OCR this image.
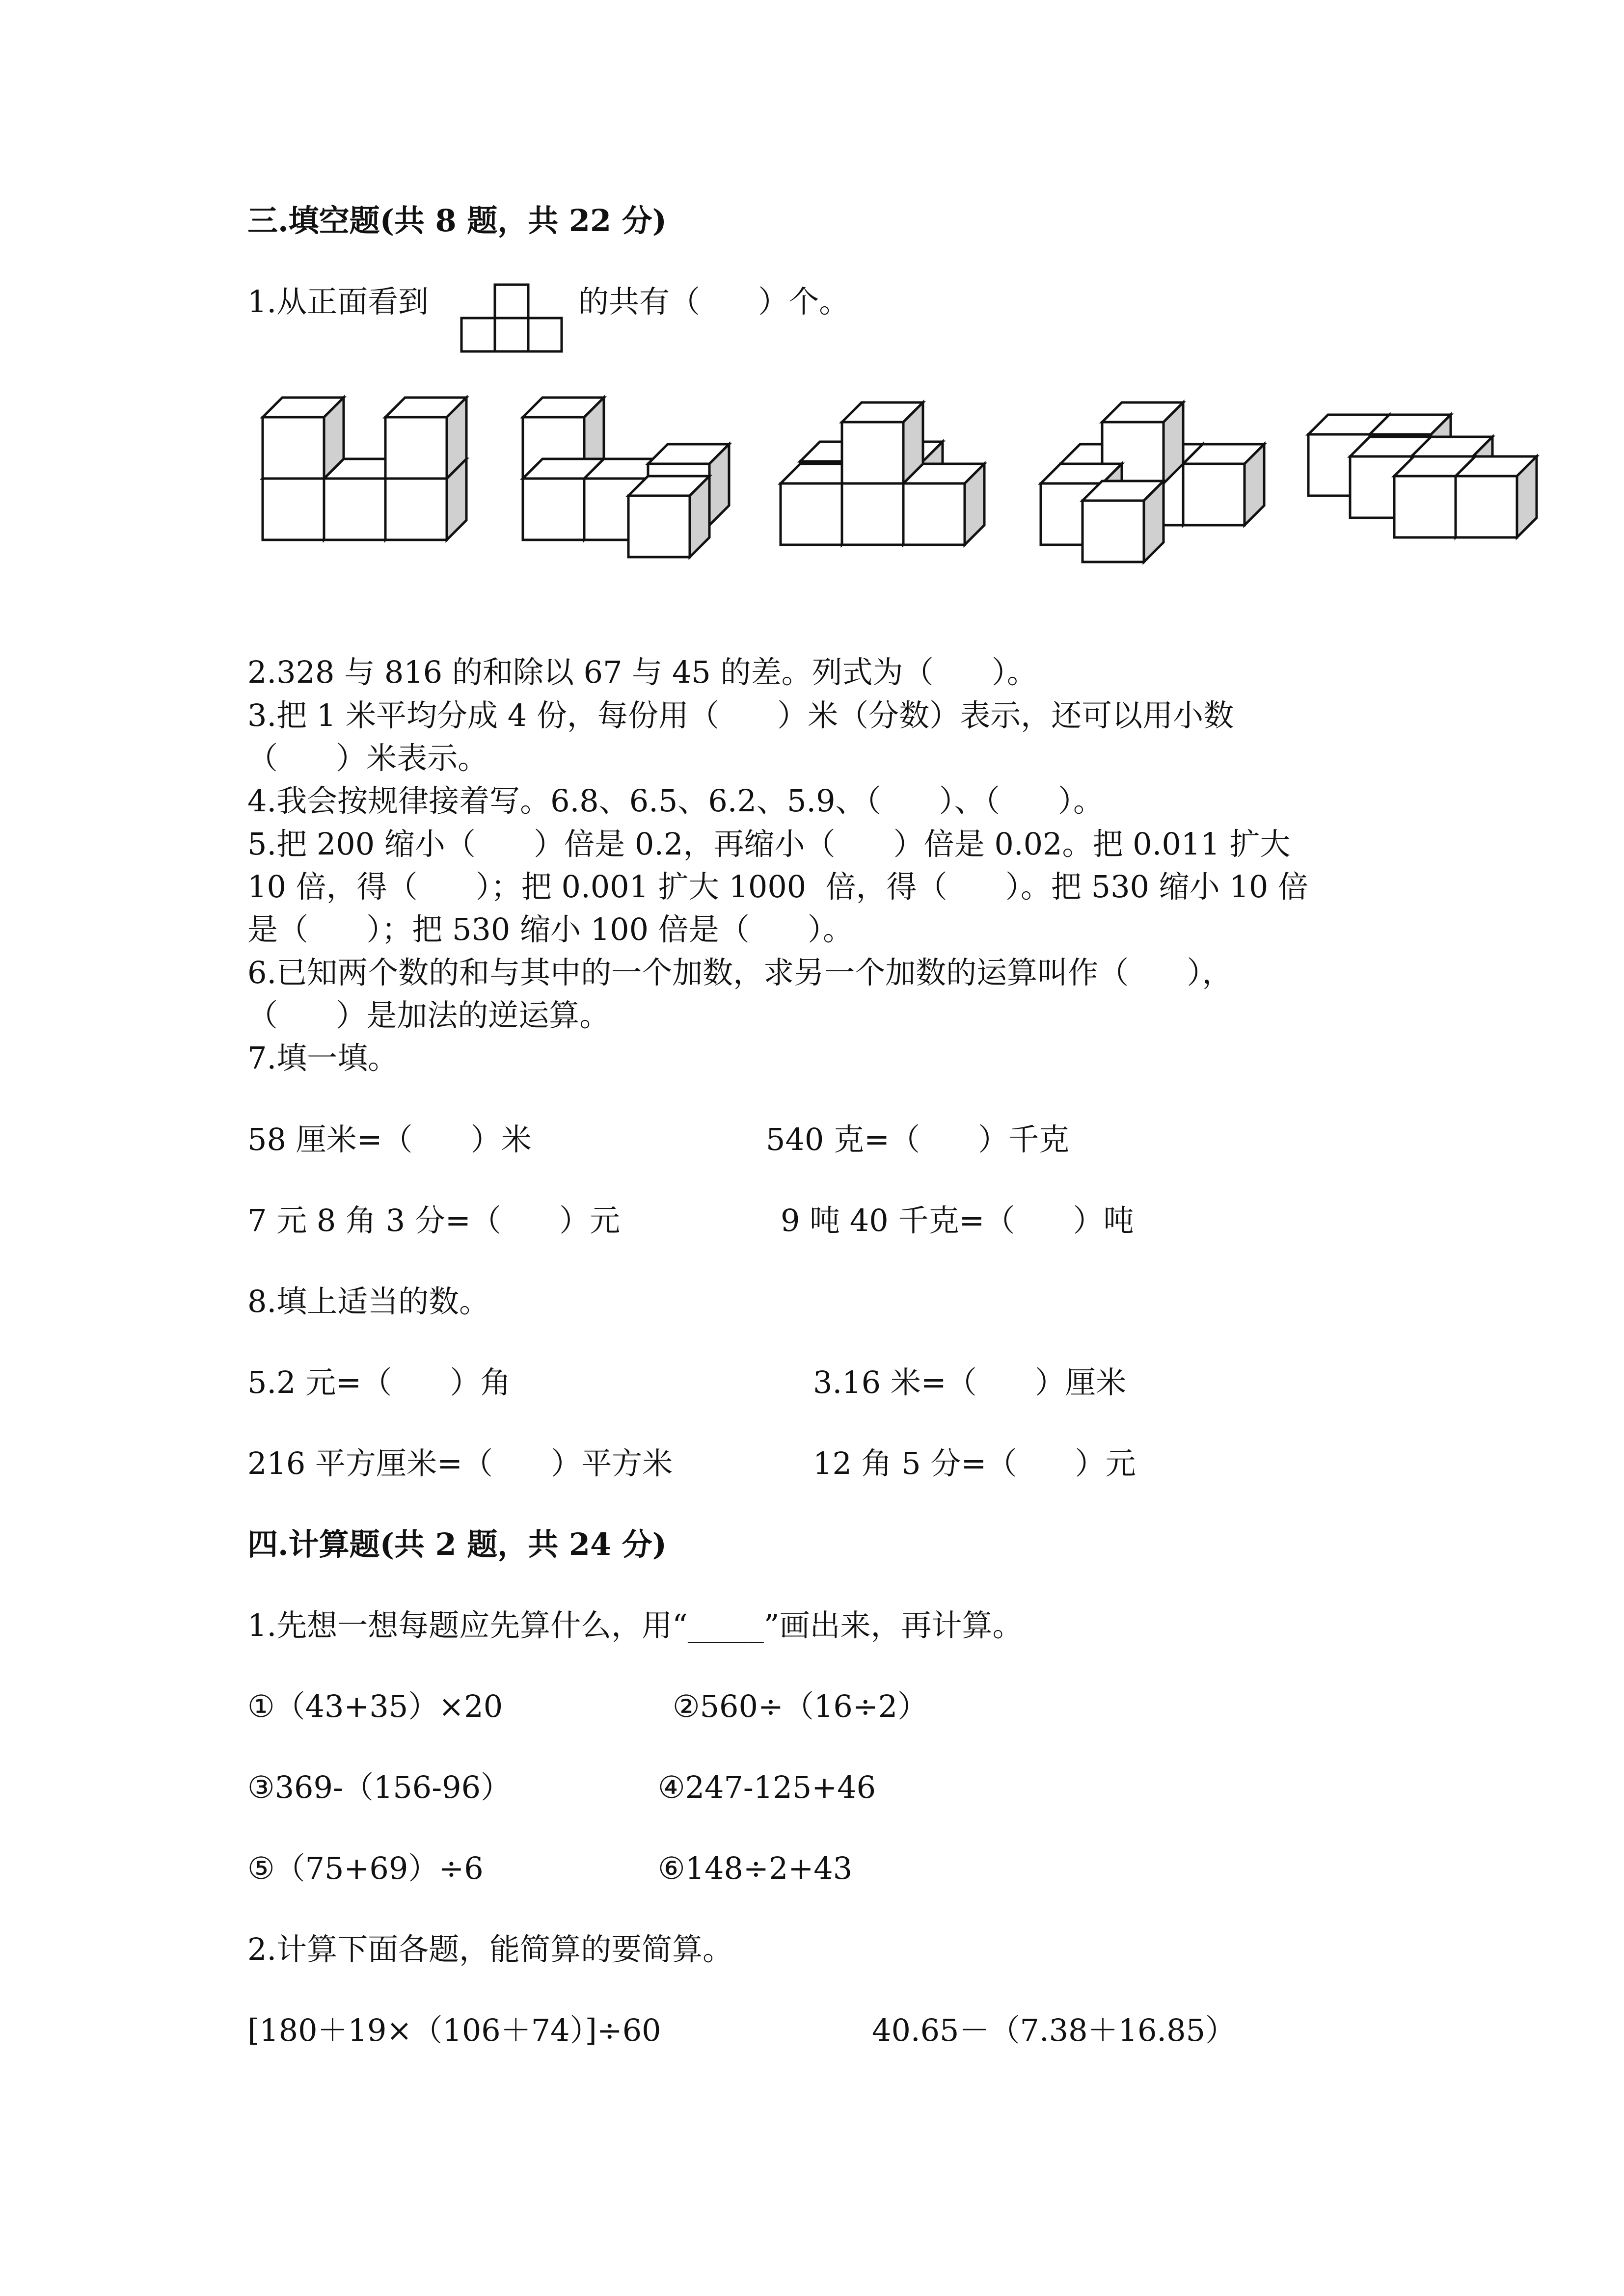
三.填空题(共 8 题，共 22 分)
1.从正面看到	的共有（      ）个。
2.328 与 816 的和除以 67 与 45 的差。列式为（      ）。
3.把 1 米平均分成 4 份，每份用（      ）米（分数）表示，还可以用小数
（      ）米表示。
4.我会按规律接着写。6.8、6.5、6.2、5.9、（      ）、（      ）。
5.把 200 缩小（      ）倍是 0.2，再缩小（      ）倍是 0.02。把 0.011 扩大
10 倍，得（      ）；把 0.001 扩大 1000  倍，得（      ）。把 530 缩小 10 倍
是（      ）；把 530 缩小 100 倍是（      ）。
6.已知两个数的和与其中的一个加数，求另一个加数的运算叫作（      ），
（      ）是加法的逆运算。
7.填一填。
58 厘米=（      ）米	540 克=（      ）千克
7 元 8 角 3 分=（      ）元	9 吨 40 千克=（      ）吨
8.填上适当的数。
5.2 元=（      ）角	3.16 米=（      ）厘米
216 平方厘米=（      ）平方米	12 角 5 分=（      ）元
四.计算题(共 2 题，共 24 分)
1.先想一想每题应先算什么，用“_____”画出来，再计算。
①（43+35）×20	②560÷（16÷2）
③369-（156-96）	④247-125+46
⑤（75+69）÷6	⑥148÷2+43
2.计算下面各题，能简算的要简算。
[180＋19×（106＋74）]÷60	40.65－（7.38＋16.85）
